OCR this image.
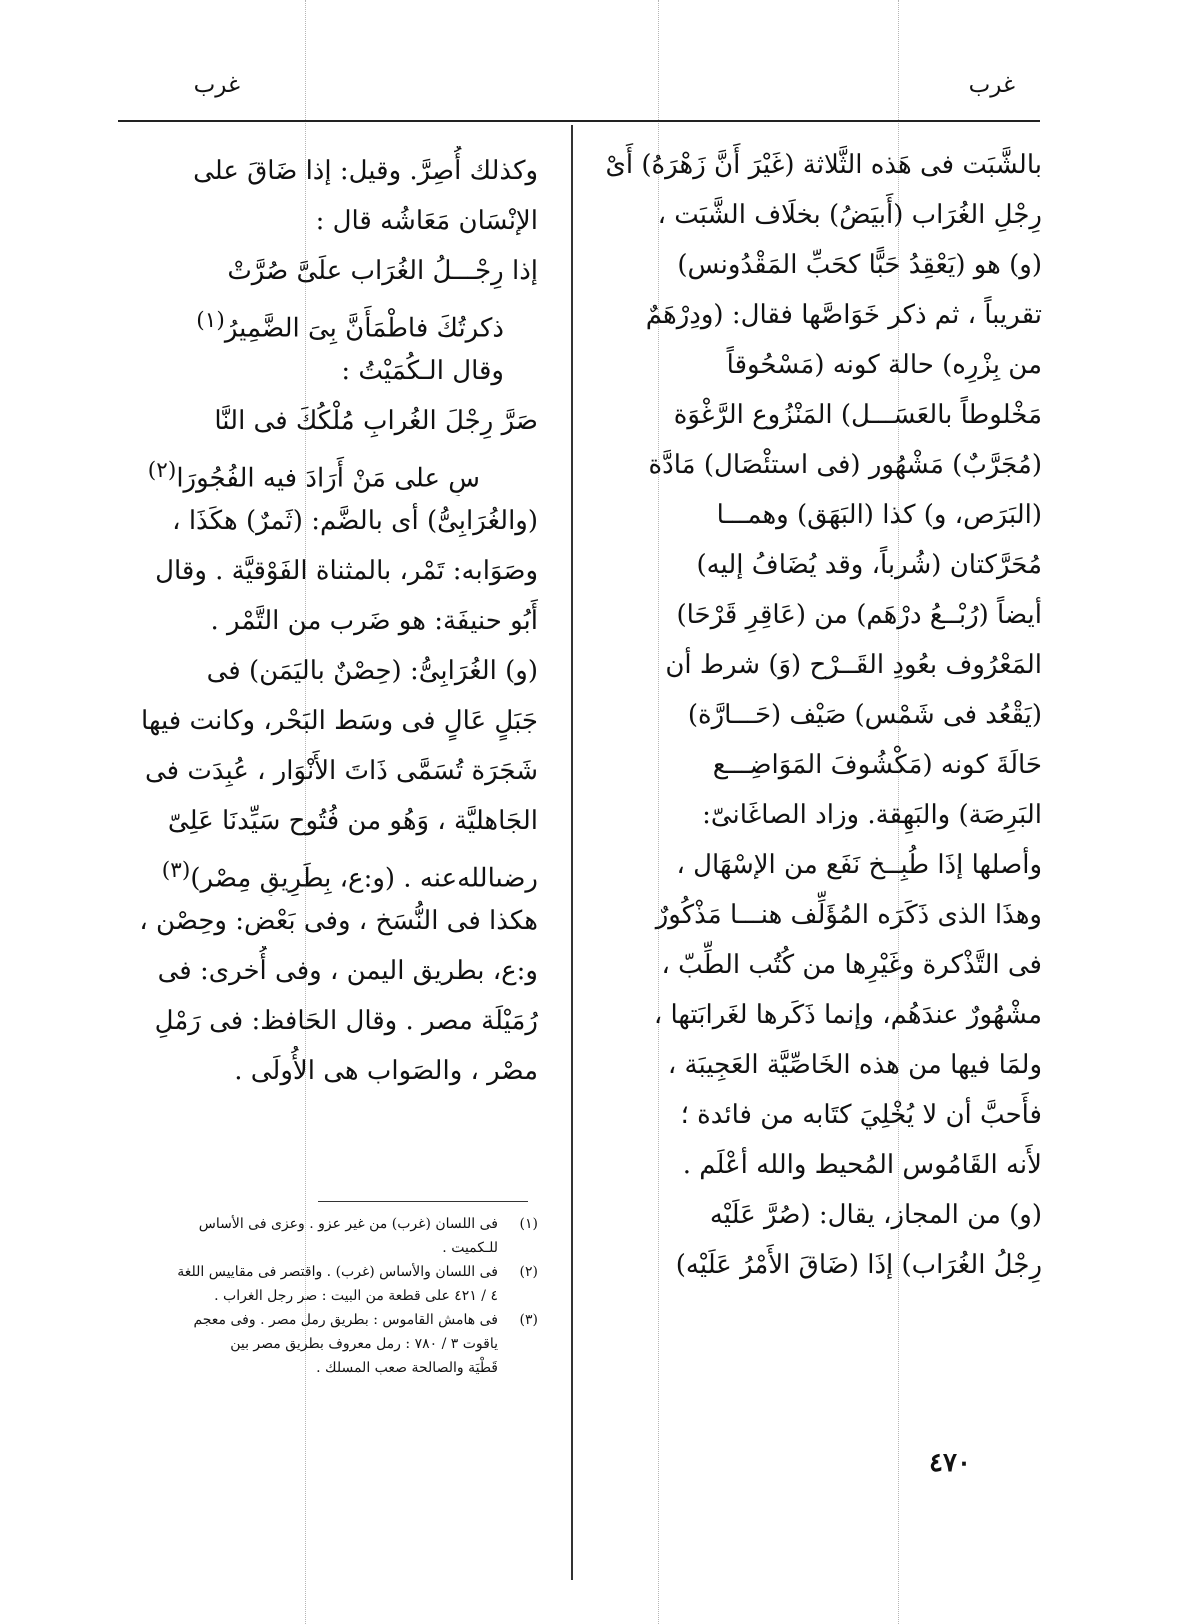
غرب
غرب
بالشَّبَت فى هَذه الثَّلاثة (غَيْرَ أَنَّ زَهْرَهُ) أَىْ
رِجْلِ الغُرَاب (أَبيَضُ) بخلَاف الشَّبَت ،
(و) هو (يَعْقِدُ حَبًّا كحَبِّ المَقْدُونس)
تقريباً ، ثم ذكر خَوَاصَّها فقال: (ودِرْهَمٌ
من بِزْرِه) حالة كونه (مَسْحُوقاً
مَخْلوطاً بالعَسَـــل) المَنْزُوع الرَّغْوَة
(مُجَرَّبٌ) مَشْهُور (فى استئْصَال) مَادَّة
(البَرَص، و) كذا (البَهَق) وهمـــا
مُحَرَّكتان (شُرباً، وقد يُضَافُ إليه)
أيضاً (رُبْــعُ درْهَم) من (عَاقِرِ قَرْحَا)
المَعْرُوف بعُودِ القَــرْح (وَ) شرط أن
(يَقْعُد فى شَمْس) صَيْف (حَـــارَّة)
حَالَةَ كونه (مَكْشُوفَ المَوَاضِـــع
البَرِصَة) والبَهِقة. وزاد الصاغَانىّ:
وأصلها إذَا طُبِــخ نَفَع من الإسْهَال ،
وهذَا الذى ذَكَرَه المُؤَلِّف هنـــا مَذْكُورٌ
فى التَّذْكرة وغَيْرِها من كُتُب الطِّبّ ،
مشْهُورٌ عندَهُم، وإنما ذَكَرها لغَرابَتها ،
ولمَا فيها من هذه الخَاصِّيَّة العَجِيبَة ،
فأَحبَّ أن لا يُخْلِيَ كتَابه من فائدة ؛
لأَنه القَامُوس المُحيط والله أعْلَم .
(و) من المجاز، يقال: (صُرَّ عَلَيْه
رِجْلُ الغُرَاب) إذَا (ضَاقَ الأَمْرُ عَلَيْه)
وكذلك أُصِرَّ. وقيل: إذا ضَاقَ على
الإنْسَان مَعَاشُه قال :
إذا رِجْـــلُ الغُرَاب علَىَّ صُرَّتْ
ذكرتُكَ فاطْمَأَنَّ بِىَ الضَّمِيرُ$^{(١)}$
وقال الـكُمَيْتُ :
صَرَّ رِجْلَ الغُرابِ مُلْكُكَ فى النَّا
سِ على مَنْ أَرَادَ فيه الفُجُورَا$^{(٢)}$
(والغُرَابِىُّ) أى بالضَّم: (ثَمرٌ) هكَذَا ،
وصَوَابه: تَمْر، بالمثناة الفَوْقيَّة . وقال
أَبُو حنيفَة: هو ضَرب من التَّمْر .
(و) الغُرَابِىُّ: (حِصْنٌ باليَمَن) فى
جَبَلٍ عَالٍ فى وسَط البَحْر، وكانت فيها
شَجَرَة تُسَمَّى ذَاتَ الأَنْوَار ، عُبِدَت فى
الجَاهليَّة ، وَهُو من فُتُوح سَيِّدنَا عَلِىّ
رضىالله‌عنه . (و:ع، بِطَرِيقِ مِصْر)$^{(٣)}$
هكذا فى النُّسَخ ، وفى بَعْض: وحِصْن ،
و:ع، بطريق اليمن ، وفى أُخرى: فى
رُمَيْلَة مصر . وقال الحَافظ: فى رَمْلِ
مصْر ، والصَواب هى الأُولَى .
(١)
فى اللسان (غرب) من غير عزو . وعزى فى الأساس
للـكميت .
(٢)
فى اللسان والأساس (غرب) . واقتصر فى مقاييس اللغة
٤ / ٤٢١ على قطعة من البيت : صر رجل الغراب .
(٣)
فى هامش القاموس : بطريق رمل مصر . وفى معجم
ياقوت ٣ / ٧٨٠ : رمل معروف بطريق مصر بين
قَطْيَة والصالحة صعب المسلك .
٤٧٠
